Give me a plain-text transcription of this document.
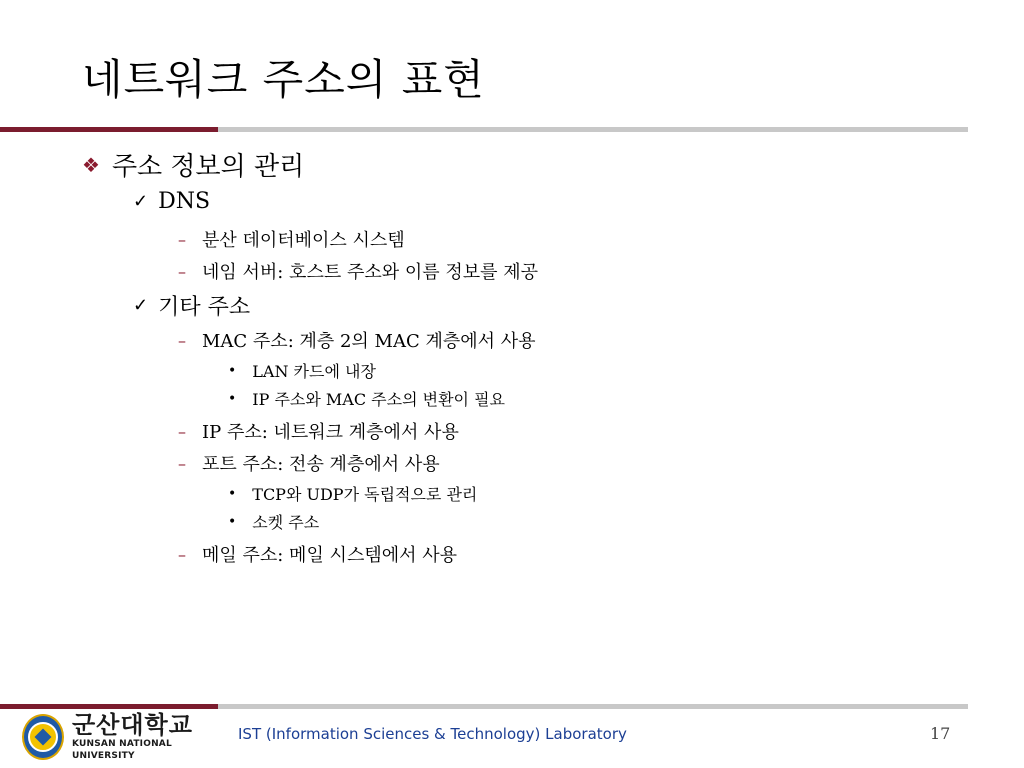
네트워크 주소의 표현
❖ 주소 정보의 관리
✓ DNS
– 분산 데이터베이스 시스템
– 네임 서버: 호스트 주소와 이름 정보를 제공
✓ 기타 주소
– MAC 주소: 계층 2의 MAC 계층에서 사용
• LAN 카드에 내장
• IP 주소와 MAC 주소의 변환이 필요
– IP 주소: 네트워크 계층에서 사용
– 포트 주소: 전송 계층에서 사용
• TCP와 UDP가 독립적으로 관리
• 소켓 주소
– 메일 주소: 메일 시스템에서 사용
군산대학교
KUNSAN NATIONAL UNIVERSITY
IST (Information Sciences & Technology) Laboratory	17
